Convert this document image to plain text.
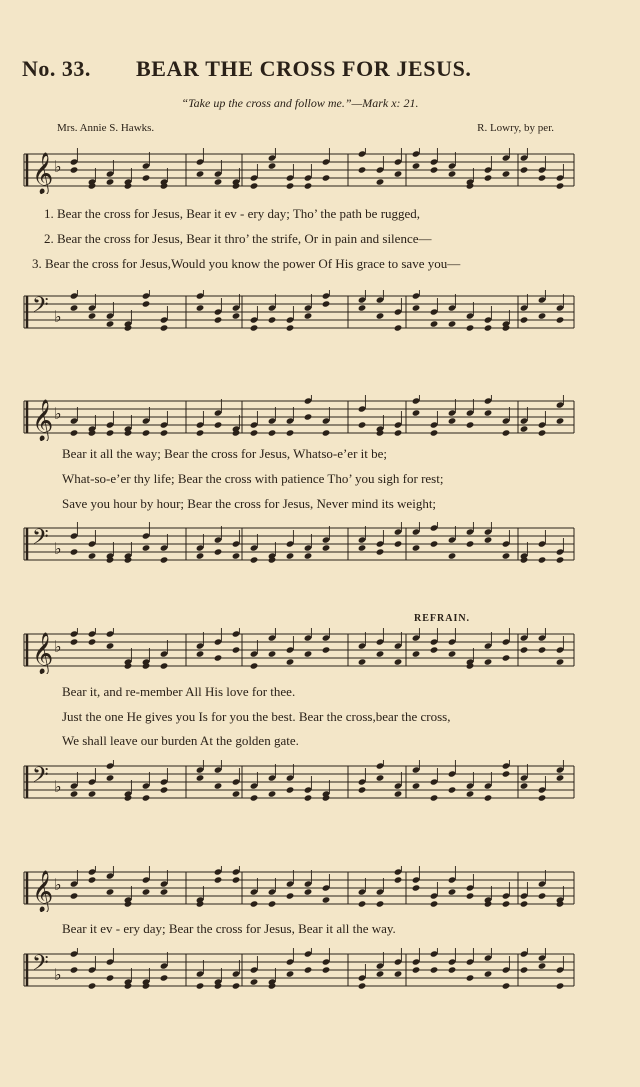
No. 33. BEAR THE CROSS FOR JESUS.
“Take up the cross and follow me.”—Mark x: 21.
Mrs. Annie S. Hawks.	R. Lowry, by per.
𝄞 ♭
1. Bear the cross for Jesus, Bear it ev - ery day; Tho’ the path be rugged,
2. Bear the cross for Jesus, Bear it thro’ the strife, Or in pain and silence—
3. Bear the cross for Jesus,Would you know the power Of His grace to save you—
𝄢 ♭
𝄞 ♭
Bear it all the way; Bear the cross for Jesus, Whatso-e’er it be;
What-so-e’er thy life; Bear the cross with patience Tho’ you sigh for rest;
Save you hour by hour; Bear the cross for Jesus, Never mind its weight;
𝄢 ♭
REFRAIN.
𝄞 ♭
Bear it, and re-member All His love for thee.
Just the one He gives you Is for you the best. Bear the cross,bear the cross,
We shall leave our burden At the golden gate.
𝄢 ♭
𝄞 ♭
Bear it ev - ery day; Bear the cross for Jesus, Bear it all the way.
𝄢 ♭
